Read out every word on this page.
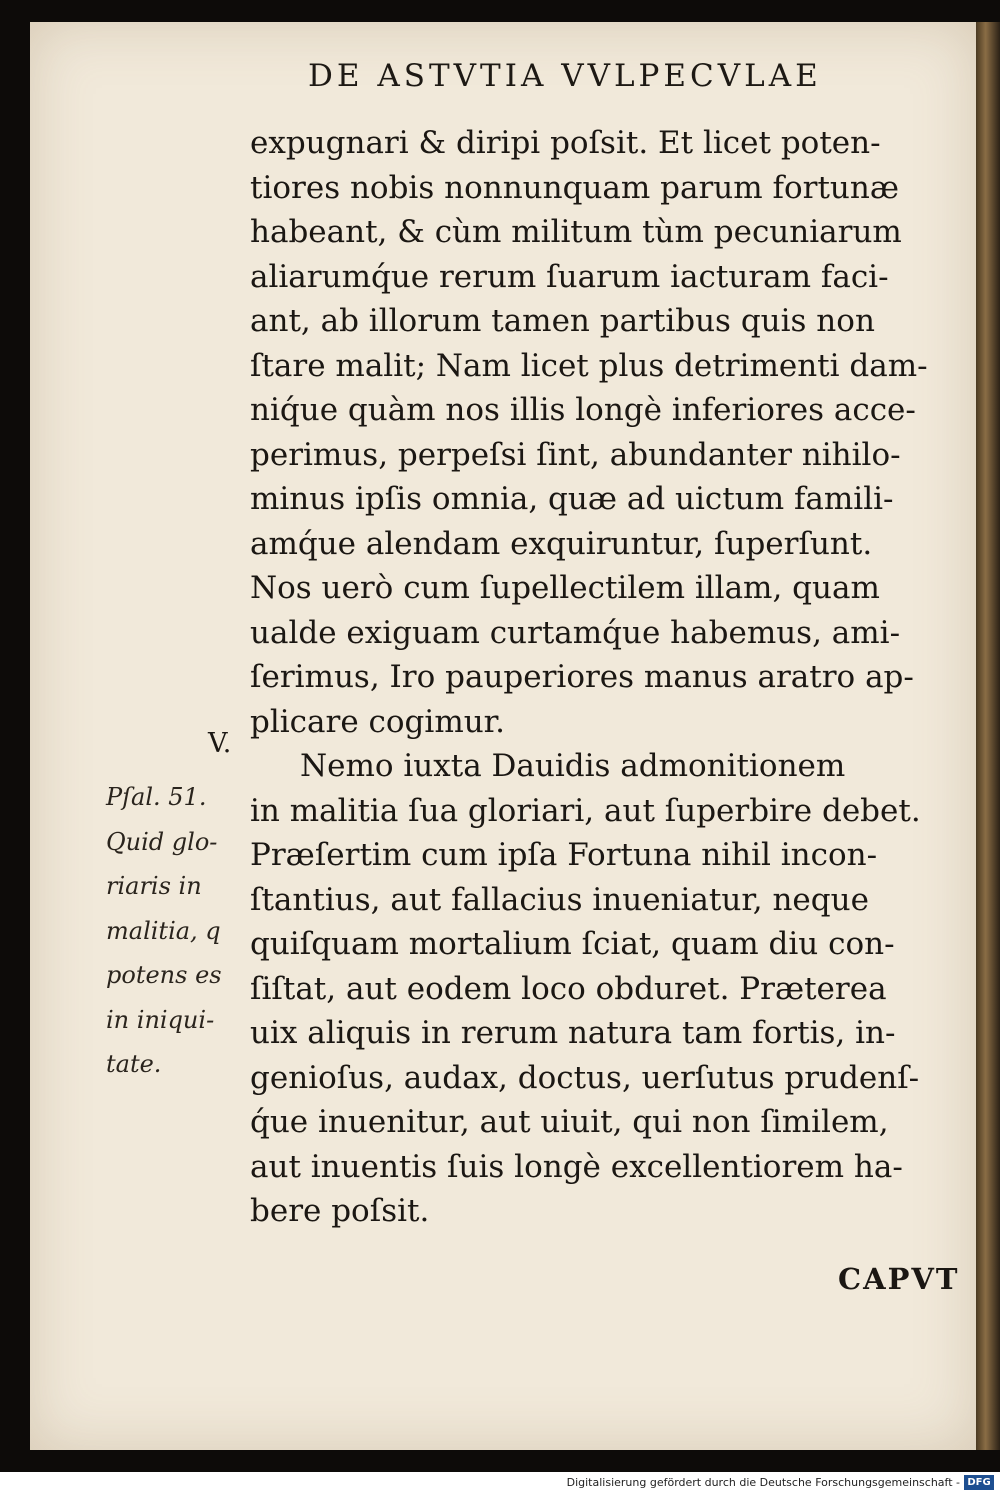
DE ASTVTIA VVLPECVLAE
expugnari & diripi poſsit. Et licet poten-
tiores nobis nonnunquam parum fortunæ
habeant, & cùm militum tùm pecuniarum
aliarumq́ue rerum ſuarum iacturam faci-
ant, ab illorum tamen partibus quis non
ſtare malit; Nam licet plus detrimenti dam-
niq́ue quàm nos illis longè inferiores acce-
perimus, perpeſsi ſint, abundanter nihilo-
minus ipſis omnia, quæ ad uictum famili-
amq́ue alendam exquiruntur, ſuperſunt.
Nos uerò cum ſupellectilem illam, quam
ualde exiguam curtamq́ue habemus, ami-
ſerimus, Iro pauperiores manus aratro ap-
plicare cogimur.
Nemo iuxta Dauidis admonitionem
in malitia ſua gloriari, aut ſuperbire debet.
Præſertim cum ipſa Fortuna nihil incon-
ſtantius, aut fallacius inueniatur, neque
quiſquam mortalium ſciat, quam diu con-
ſiſtat, aut eodem loco obduret. Præterea
uix aliquis in rerum natura tam fortis, in-
genioſus, audax, doctus, uerſutus prudenſ-
q́ue inuenitur, aut uiuit, qui non ſimilem,
aut inuentis ſuis longè excellentiorem ha-
bere poſsit.
V.
Pſal. 51.
Quid glo-
riaris in
malitia, q
potens es
in iniqui-
tate.
CAPVT
Digitalisierung gefördert durch die Deutsche Forschungsgemeinschaft - DFG
